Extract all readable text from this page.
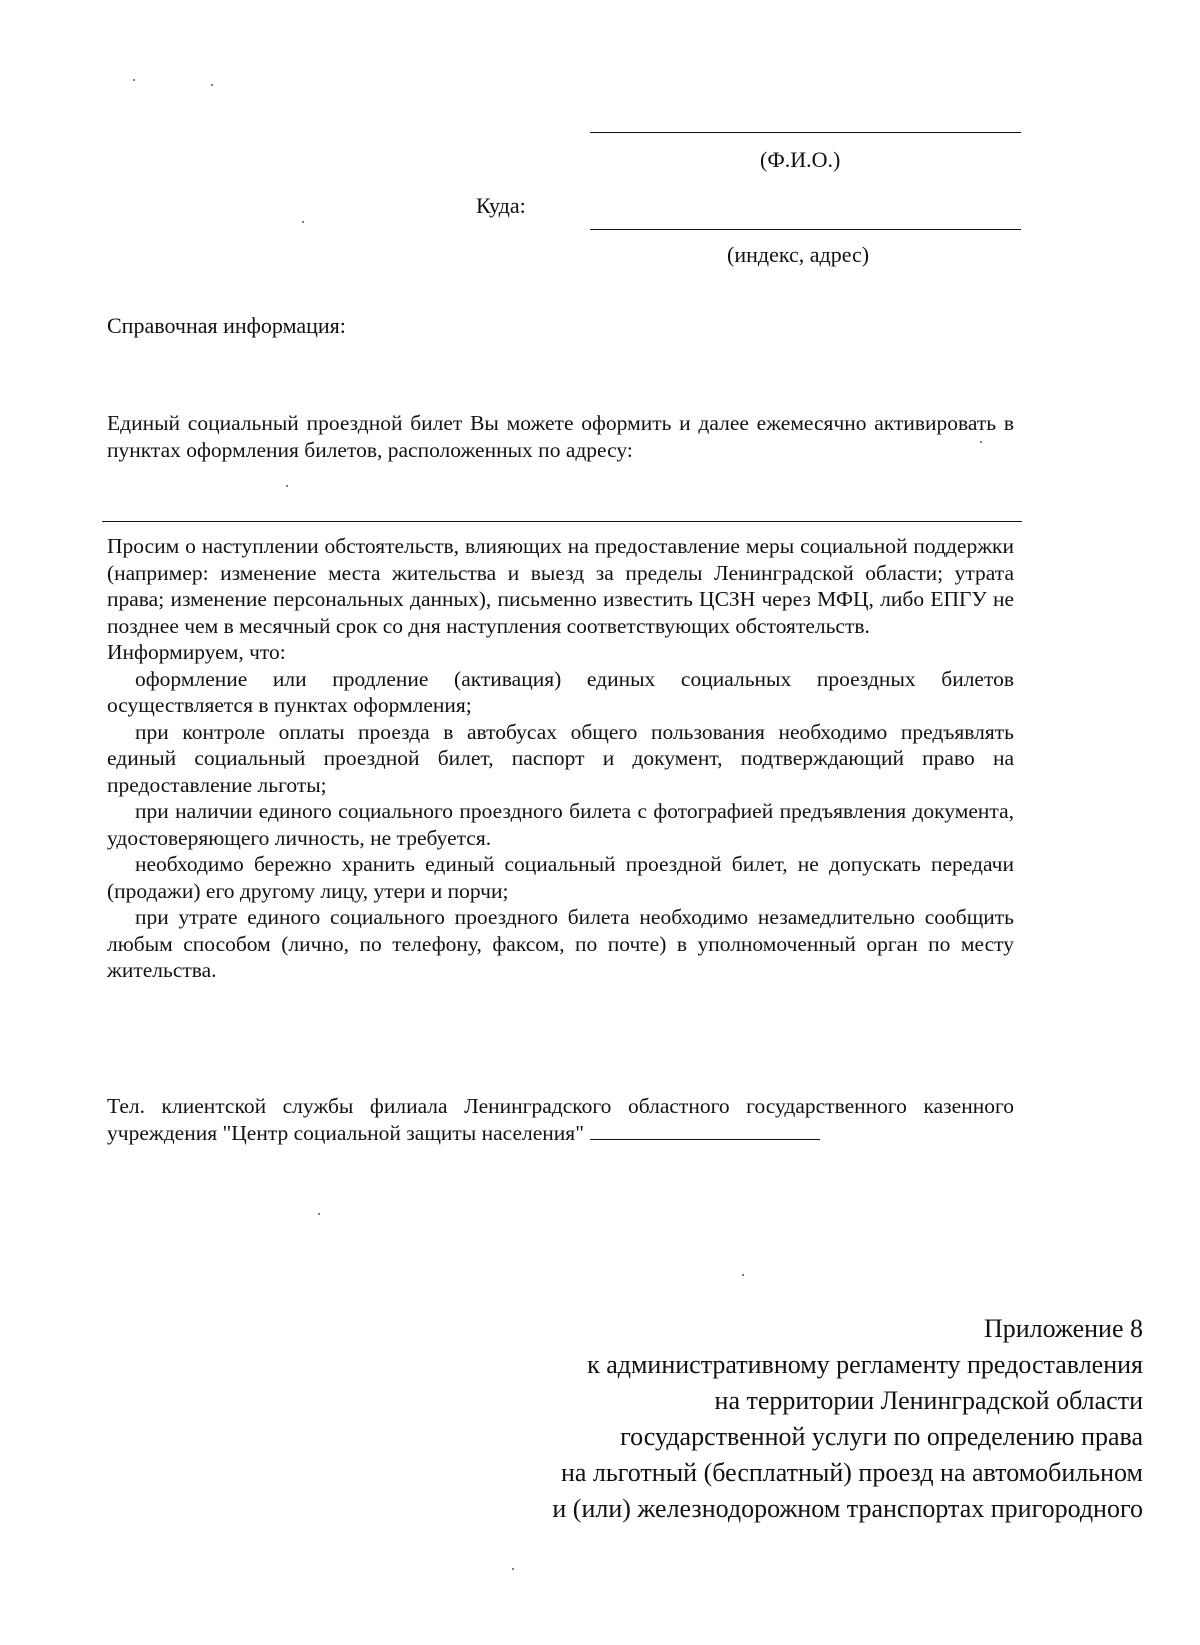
(Ф.И.О.)
Куда:
(индекс, адрес)
Справочная информация:

Единый социальный проездной билет Вы можете оформить и далее ежемесячно активировать в пунктах оформления билетов, расположенных по адресу:

Просим о наступлении обстоятельств, влияющих на предоставление меры социальной поддержки (например: изменение места жительства и выезд за пределы Ленинградской области; утрата права; изменение персональных данных), письменно известить ЦСЗН через МФЦ, либо ЕПГУ не позднее чем в месячный срок со дня наступления соответствующих обстоятельств.

Информируем, что:

оформление или продление (активация) единых социальных проездных билетов осуществляется в пунктах оформления;

при контроле оплаты проезда в автобусах общего пользования необходимо предъявлять единый социальный проездной билет, паспорт и документ, подтверждающий право на предоставление льготы;

при наличии единого социального проездного билета с фотографией предъявления документа, удостоверяющего личность, не требуется.

необходимо бережно хранить единый социальный проездной билет, не допускать передачи (продажи) его другому лицу, утери и порчи;

при утрате единого социального проездного билета необходимо незамедлительно сообщить любым способом (лично, по телефону, факсом, по почте) в уполномоченный орган по месту жительства.

Тел. клиентской службы филиала Ленинградского областного государственного казенного учреждения "Центр социальной защиты населения"

Приложение 8
к административному регламенту предоставления
на территории Ленинградской области
государственной услуги по определению права
на льготный (бесплатный) проезд на автомобильном
и (или) железнодорожном транспортах пригородного
